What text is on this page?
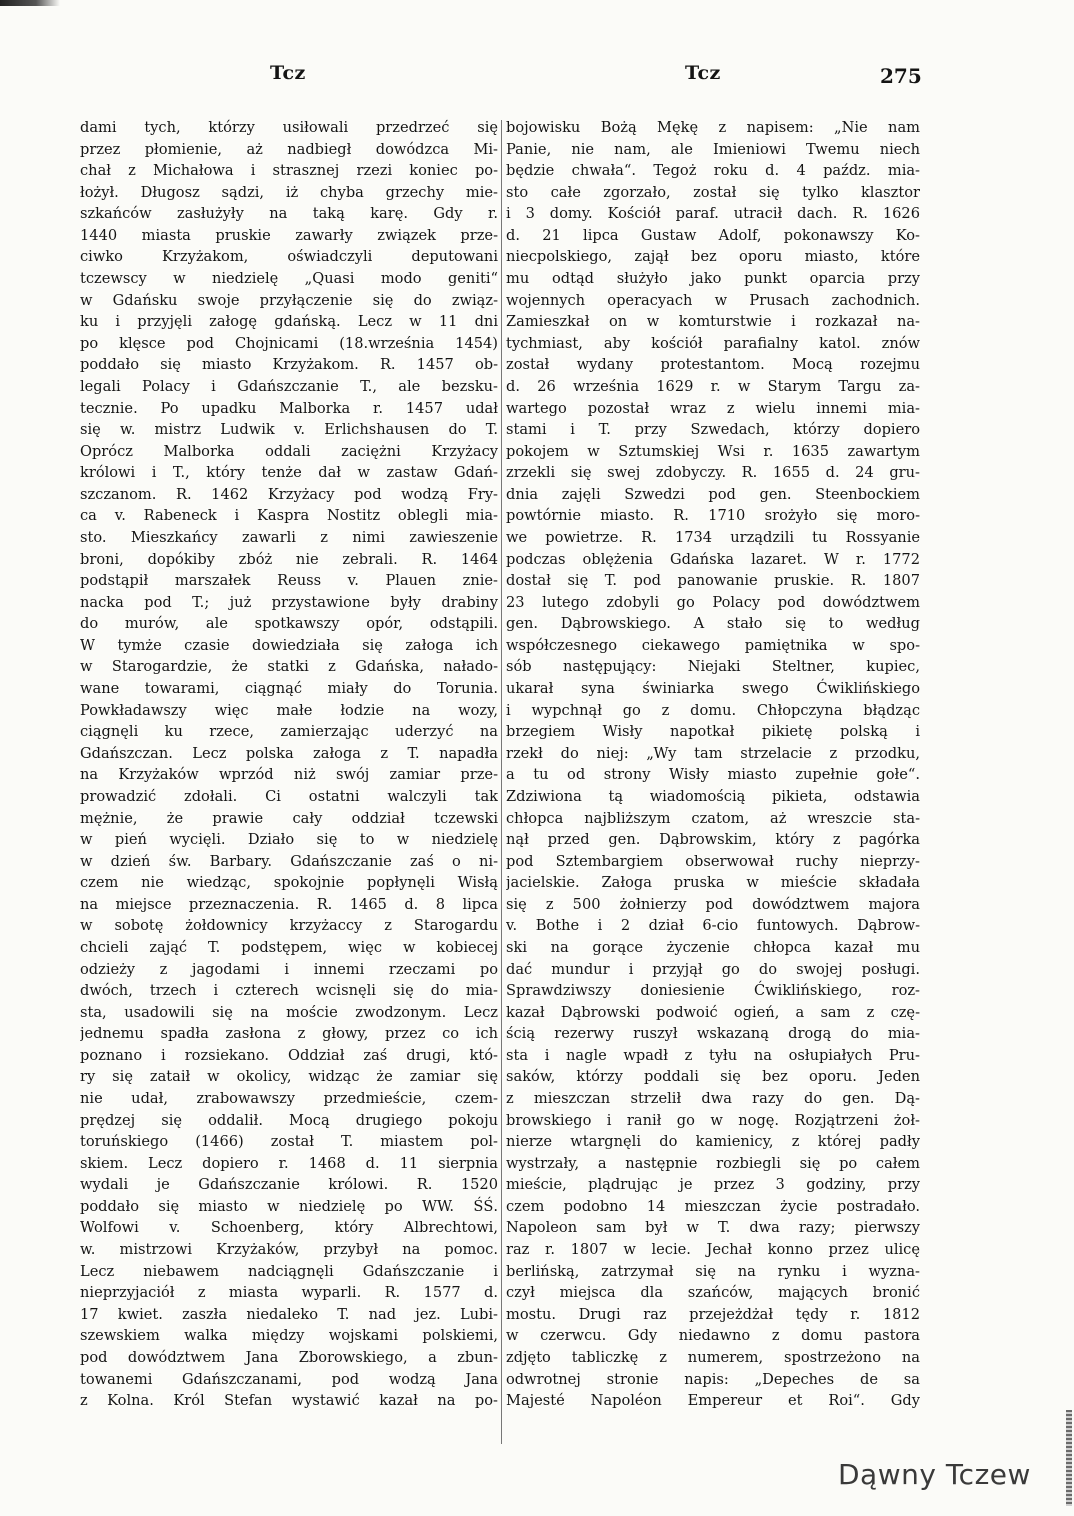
Tcz	Tcz	275
dami tych, którzy usiłowali przedrzeć się
przez płomienie, aż nadbiegł dowódzca Mi-
chał z Michałowa i strasznej rzezi koniec po-
łożył. Długosz sądzi, iż chyba grzechy mie-
szkańców zasłużyły na taką karę. Gdy r.
1440 miasta pruskie zawarły związek prze-
ciwko Krzyżakom, oświadczyli deputowani
tczewscy w niedzielę „Quasi modo geniti“
w Gdańsku swoje przyłączenie się do związ-
ku i przyjęli załogę gdańską. Lecz w 11 dni
po klęsce pod Chojnicami (18.września 1454)
poddało się miasto Krzyżakom. R. 1457 ob-
legali Polacy i Gdańszczanie T., ale bezsku-
tecznie. Po upadku Malborka r. 1457 udał
się w. mistrz Ludwik v. Erlichshausen do T.
Oprócz Malborka oddali zaciężni Krzyżacy
królowi i T., który tenże dał w zastaw Gdań-
szczanom. R. 1462 Krzyżacy pod wodzą Fry-
ca v. Rabeneck i Kaspra Nostitz oblegli mia-
sto. Mieszkańcy zawarli z nimi zawieszenie
broni, dopókiby zbóż nie zebrali. R. 1464
podstąpił marszałek Reuss v. Plauen znie-
nacka pod T.; już przystawione były drabiny
do murów, ale spotkawszy opór, odstąpili.
W tymże czasie dowiedziała się załoga ich
w Starogardzie, że statki z Gdańska, nałado-
wane towarami, ciągnąć miały do Torunia.
Powkładawszy więc małe łodzie na wozy,
ciągnęli ku rzece, zamierzając uderzyć na
Gdańszczan. Lecz polska załoga z T. napadła
na Krzyżaków wprzód niż swój zamiar prze-
prowadzić zdołali. Ci ostatni walczyli tak
mężnie, że prawie cały oddział tczewski
w pień wycięli. Działo się to w niedzielę
w dzień św. Barbary. Gdańszczanie zaś o ni-
czem nie wiedząc, spokojnie popłynęli Wisłą
na miejsce przeznaczenia. R. 1465 d. 8 lipca
w sobotę żołdownicy krzyżaccy z Starogardu
chcieli zająć T. podstępem, więc w kobiecej
odzieży z jagodami i innemi rzeczami po
dwóch, trzech i czterech wcisnęli się do mia-
sta, usadowili się na moście zwodzonym. Lecz
jednemu spadła zasłona z głowy, przez co ich
poznano i rozsiekano. Oddział zaś drugi, któ-
ry się zataił w okolicy, widząc że zamiar się
nie udał, zrabowawszy przedmieście, czem-
prędzej się oddalił. Mocą drugiego pokoju
toruńskiego (1466) został T. miastem pol-
skiem. Lecz dopiero r. 1468 d. 11 sierpnia
wydali je Gdańszczanie królowi. R. 1520
poddało się miasto w niedzielę po WW. ŚŚ.
Wolfowi v. Schoenberg, który Albrechtowi,
w. mistrzowi Krzyżaków, przybył na pomoc.
Lecz niebawem nadciągnęli Gdańszczanie i
nieprzyjaciół z miasta wyparli. R. 1577 d.
17 kwiet. zaszła niedaleko T. nad jez. Lubi-
szewskiem walka między wojskami polskiemi,
pod dowództwem Jana Zborowskiego, a zbun-
towanemi Gdańszczanami, pod wodzą Jana
z Kolna. Król Stefan wystawić kazał na po-
bojowisku Bożą Mękę z napisem: „Nie nam
Panie, nie nam, ale Imieniowi Twemu niech
będzie chwała“. Tegoż roku d. 4 paźdz. mia-
sto całe zgorzało, został się tylko klasztor
i 3 domy. Kościół paraf. utracił dach. R. 1626
d. 21 lipca Gustaw Adolf, pokonawszy Ko-
niecpolskiego, zajął bez oporu miasto, które
mu odtąd służyło jako punkt oparcia przy
wojennych operacyach w Prusach zachodnich.
Zamieszkał on w komturstwie i rozkazał na-
tychmiast, aby kościół parafialny katol. znów
został wydany protestantom. Mocą rozejmu
d. 26 września 1629 r. w Starym Targu za-
wartego pozostał wraz z wielu innemi mia-
stami i T. przy Szwedach, którzy dopiero
pokojem w Sztumskiej Wsi r. 1635 zawartym
zrzekli się swej zdobyczy. R. 1655 d. 24 gru-
dnia zajęli Szwedzi pod gen. Steenbockiem
powtórnie miasto. R. 1710 srożyło się moro-
we powietrze. R. 1734 urządzili tu Rossyanie
podczas oblężenia Gdańska lazaret. W r. 1772
dostał się T. pod panowanie pruskie. R. 1807
23 lutego zdobyli go Polacy pod dowództwem
gen. Dąbrowskiego. A stało się to według
współczesnego ciekawego pamiętnika w spo-
sób następujący: Niejaki Steltner, kupiec,
ukarał syna świniarka swego Ćwiklińskiego
i wypchnął go z domu. Chłopczyna błądząc
brzegiem Wisły napotkał pikietę polską i
rzekł do niej: „Wy tam strzelacie z przodku,
a tu od strony Wisły miasto zupełnie gołe“.
Zdziwiona tą wiadomością pikieta, odstawia
chłopca najbliższym czatom, aż wreszcie sta-
nął przed gen. Dąbrowskim, który z pagórka
pod Sztembargiem obserwował ruchy nieprzy-
jacielskie. Załoga pruska w mieście składała
się z 500 żołnierzy pod dowództwem majora
v. Bothe i 2 dział 6-cio funtowych. Dąbrow-
ski na gorące życzenie chłopca kazał mu
dać mundur i przyjął go do swojej posługi.
Sprawdziwszy doniesienie Ćwiklińskiego, roz-
kazał Dąbrowski podwoić ogień, a sam z czę-
ścią rezerwy ruszył wskazaną drogą do mia-
sta i nagle wpadł z tyłu na osłupiałych Pru-
saków, którzy poddali się bez oporu. Jeden
z mieszczan strzelił dwa razy do gen. Dą-
browskiego i ranił go w nogę. Rozjątrzeni żoł-
nierze wtargnęli do kamienicy, z której padły
wystrzały, a następnie rozbiegli się po całem
mieście, plądrując je przez 3 godziny, przy
czem podobno 14 mieszczan życie postradało.
Napoleon sam był w T. dwa razy; pierwszy
raz r. 1807 w lecie. Jechał konno przez ulicę
berlińską, zatrzymał się na rynku i wyzna-
czył miejsca dla szańców, mających bronić
mostu. Drugi raz przejeżdżał tędy r. 1812
w czerwcu. Gdy niedawno z domu pastora
zdjęto tabliczkę z numerem, spostrzeżono na
odwrotnej stronie napis: „Depeches de sa
Majesté Napoléon Empereur et Roi“. Gdy
Dąwny Tczew
